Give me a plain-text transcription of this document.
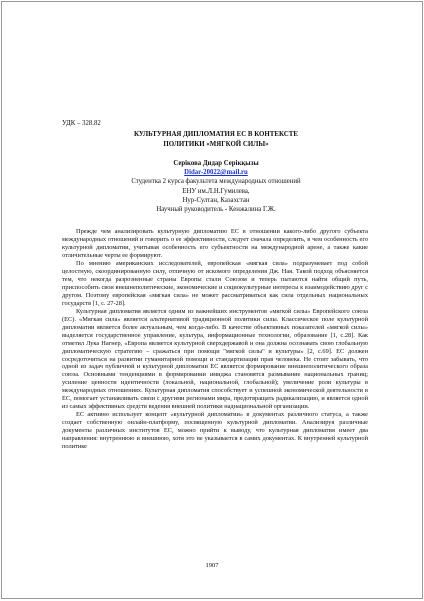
УДК – 328.82
КУЛЬТУРНАЯ ДИПЛОМАТИЯ ЕС В КОНТЕКСТЕ
ПОЛИТИКИ «МЯГКОЙ СИЛЫ»
Серікова Дидар Серікқызы
Didar-20022@mail.ru
Студентка 2 курса факультета международных отношений
ЕНУ им.Л.Н.Гумилева,
Нур-Султан, Казахстан
Научный руководитель - Кенжалина Г.Ж.

Прежде чем анализировать культурную дипломатию ЕС в отношении какого-либо другого субъекта международных отношений и говорить о ее эффективности, следует сначала определить, в чем особенность его культурной дипломатии, учитывая особенность его субъектности на международной арене, а также какие отличительные черты ее формируют.

По мнению американских исследователей, европейская «мягкая сила» подразумевает под собой целостную, скоординированную силу, отличную от искомого определения Дж. Ная. Такой подход объясняется тем, что некогда разрозненные страны Европы стали Союзом и теперь пытаются найти общий путь, приспособить свои внешнеполитические, экономические и социокультурные интересы к взаимодействию друг с другом. Поэтому европейская «мягкая сила» не может рассматриваться как сила отдельных национальных государств [1, с. 27-28].

Культурная дипломатия является одним из важнейших инструментов «мягкой силы» Европейского союза (ЕС). «Мягкая сила» является альтернативой традиционной политики силы. Классическое поле культурной дипломатии является более актуальным, чем когда-либо. В качестве объективных показателей «мягкой силы» выделяется государственное управление, культура, информационные технологии, образование [1, с.28]. Как отметил Лука Нагнер, «Европа является культурной сверхдержавой и она должна осознавать свою глобальную дипломатическую стратегию – сражаться при помощи "мягкой силы" и культуры» [2, с.69]. ЕС должен сосредоточиться на развитии гуманитарной помощи и стандартизации прав человека. Не стоит забывать, что одной из задач публичной и культурной дипломатии ЕС является формирование внешнеполитического образа союза. Основными тенденциями в формировании имиджа становятся размывание национальных границ; усиление ценности идентичности (локальной, национальной, глобальной); увеличение роли культуры в международных отношениях. Культурная дипломатия способствует и успешной экономической деятельности в ЕС, помогает устанавливать связи с другими регионами мира, предотвращать радикализацию, и является одной из самых эффективных средств ведения внешней политики наднациональной организации.

ЕС активно использует концепт «культурной дипломатии» в документах различного статуса, а также создает собственную онлайн-платформу, посвященную культурной дипломатии. Анализируя различные документы различных институтов ЕС, можно прийти к выводу, что культурная дипломатия имеет два направления: внутреннюю и внешнюю, хотя это не указывается в самих документах. К внутренней культурной политике

1907
